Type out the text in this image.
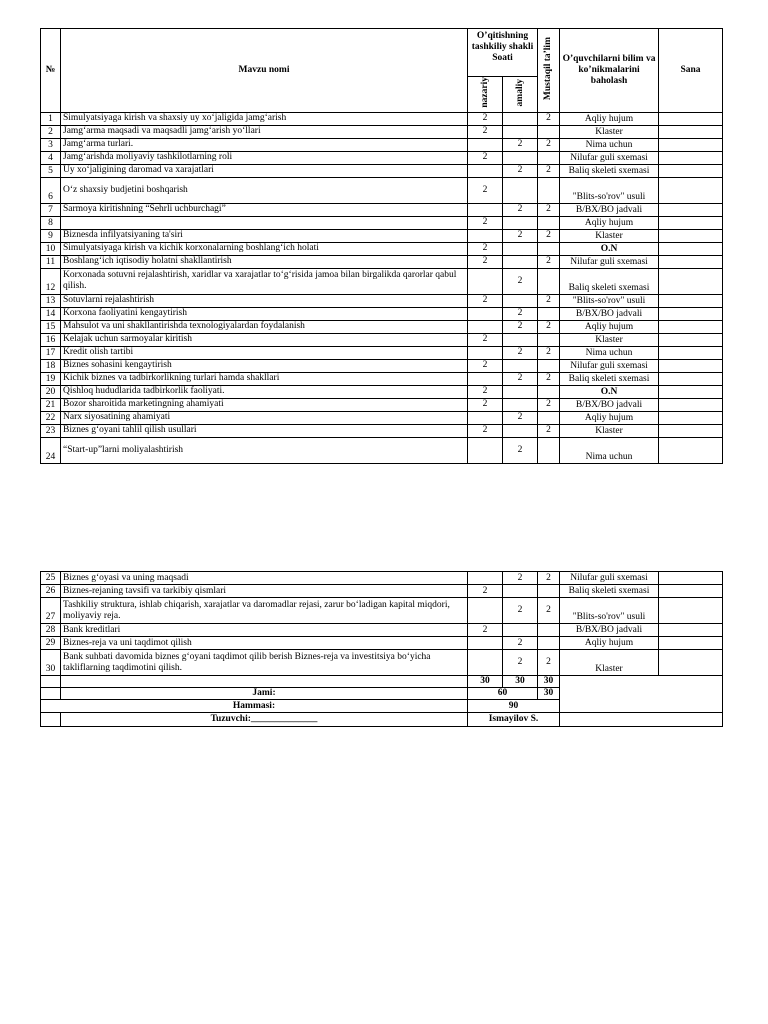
№	Mavzu nomi	O’qitishning tashkiliy shakli Soati		Mustaqil ta’lim	O’quvchilarni bilim va ko’nikmalarini baholash	Sana
		nazariy	amaliy			
1	Simulyatsiyaga kirish va shaxsiy uy xo‘jaligida jamg‘arish	2		2	Aqliy hujum	
2	Jamg‘arma maqsadi va maqsadli jamg‘arish yo‘llari	2			Klaster	
3	Jamg‘arma turlari.		2	2	Nima uchun	
4	Jamg‘arishda moliyaviy tashkilotlarning roli	2			Nilufar guli sxemasi	
5	Uy xo‘jaligining daromad va xarajatlari		2	2	Baliq skeleti sxemasi	
6	O‘z shaxsiy budjetini boshqarish	2			"Blits-so'rov" usuli	
7	Sarmoya kiritishning “Sehrli uchburchagi”		2	2	B/BX/BO jadvali	
8		2			Aqliy hujum	
9	Biznesda infilyatsiyaning ta'siri		2	2	Klaster	
10	Simulyatsiyaga kirish va kichik korxonalarning boshlang‘ich holati	2			O.N	
11	Boshlang‘ich iqtisodiy holatni shakllantirish	2		2	Nilufar guli sxemasi	
12	Korxonada sotuvni rejalashtirish, xaridlar va xarajatlar to‘g‘risida jamoa bilan birgalikda qarorlar qabul qilish.		2		Baliq skeleti sxemasi	
13	Sotuvlarni rejalashtirish	2		2	"Blits-so'rov" usuli	
14	Korxona faoliyatini kengaytirish		2		B/BX/BO jadvali	
15	Mahsulot va uni shakllantirishda texnologiyalardan foydalanish		2	2	Aqliy hujum	
16	Kelajak uchun sarmoyalar kiritish	2			Klaster	
17	Kredit olish tartibi		2	2	Nima uchun	
18	Biznes sohasini kengaytirish	2			Nilufar guli sxemasi	
19	Kichik biznes va tadbirkorlikning turlari hamda shakllari		2	2	Baliq skeleti sxemasi	
20	Qishloq hududlarida tadbirkorlik faoliyati.	2			O.N	
21	Bozor sharoitida marketingning ahamiyati	2		2	B/BX/BO jadvali	
22	Narx siyosatining ahamiyati		2		Aqliy hujum	
23	Biznes g‘oyani tahlil qilish usullari	2		2	Klaster	
24	“Start-up”larni moliyalashtirish		2		Nima uchun	
25	Biznes g‘oyasi va uning maqsadi		2	2	Nilufar guli sxemasi	
26	Biznes-rejaning tavsifi va tarkibiy qismlari	2			Baliq skeleti sxemasi	
27	Tashkiliy struktura, ishlab chiqarish, xarajatlar va daromadlar rejasi, zarur bo‘ladigan kapital miqdori, moliyaviy reja.		2	2	"Blits-so'rov" usuli	
28	Bank kreditlari	2			B/BX/BO jadvali	
29	Biznes-reja va uni taqdimot qilish		2		Aqliy hujum	
30	Bank suhbati davomida biznes g‘oyani taqdimot qilib berish Biznes-reja va investitsiya bo‘yicha takliflarning taqdimotini qilish.		2	2	Klaster	
		30	30	30		
	Jami:	60		30		
Hammasi:		90				
	Tuzuvchi:______________	Ismayilov S.				
